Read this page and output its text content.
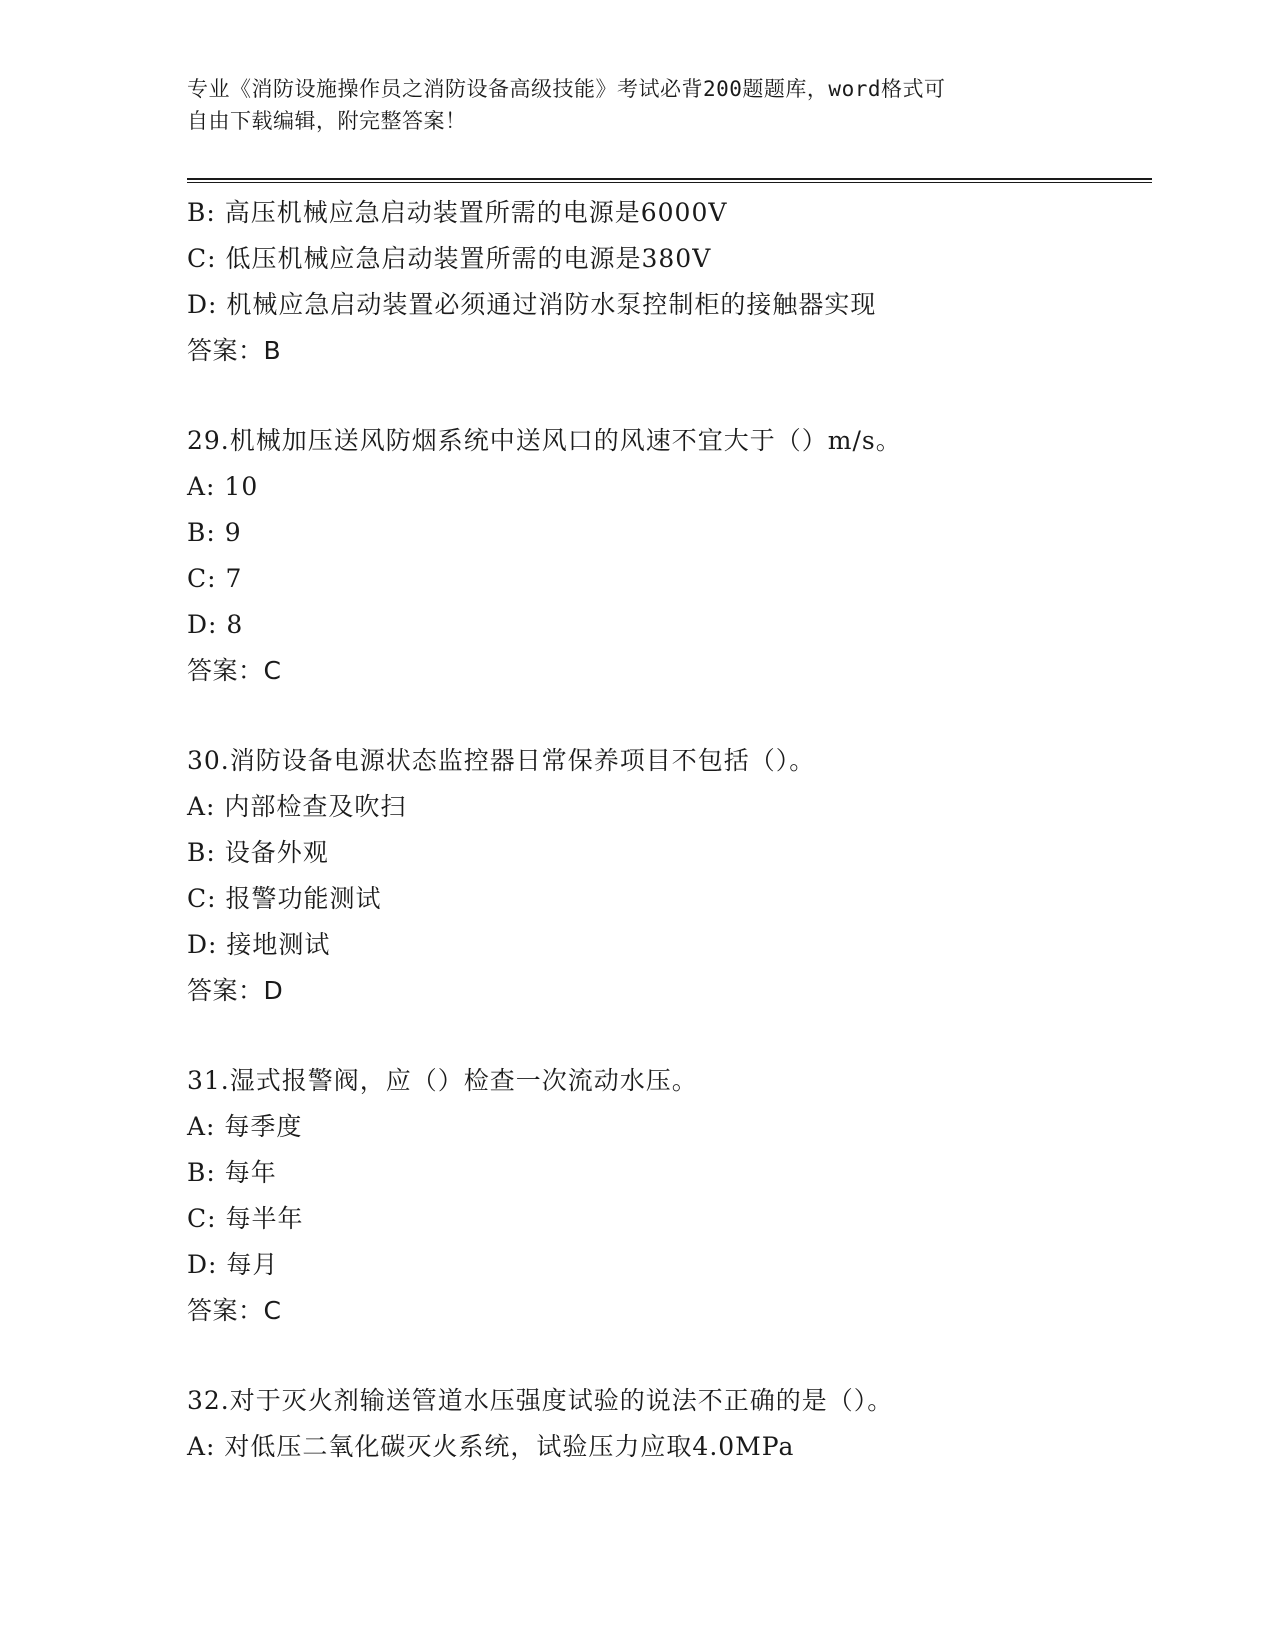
专业《消防设施操作员之消防设备高级技能》考试必背200题题库，word格式可
自由下载编辑，附完整答案！
B: 高压机械应急启动装置所需的电源是6000V
C: 低压机械应急启动装置所需的电源是380V
D: 机械应急启动装置必须通过消防水泵控制柜的接触器实现
答案：B
29.机械加压送风防烟系统中送风口的风速不宜大于（）m/s。
A: 10
B: 9
C: 7
D: 8
答案：C
30.消防设备电源状态监控器日常保养项目不包括（）。
A: 内部检查及吹扫
B: 设备外观
C: 报警功能测试
D: 接地测试
答案：D
31.湿式报警阀，应（）检查一次流动水压。
A: 每季度
B: 每年
C: 每半年
D: 每月
答案：C
32.对于灭火剂输送管道水压强度试验的说法不正确的是（）。
A: 对低压二氧化碳灭火系统，试验压力应取4.0MPa
